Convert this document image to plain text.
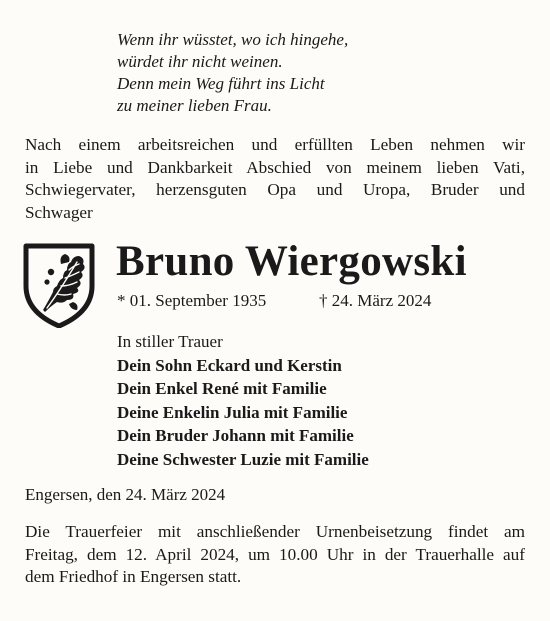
Wenn ihr wüsstet, wo ich hingehe,
würdet ihr nicht weinen.
Denn mein Weg führt ins Licht
zu meiner lieben Frau.
Nach einem arbeitsreichen und erfüllten Leben nehmen wir
in Liebe und Dankbarkeit Abschied von meinem lieben Vati,
Schwiegervater, herzensguten Opa und Uropa, Bruder und
Schwager
Bruno Wiergowski
* 01. September 1935	† 24. März 2024
In stiller Trauer
Dein Sohn Eckard und Kerstin
Dein Enkel René mit Familie
Deine Enkelin Julia mit Familie
Dein Bruder Johann mit Familie
Deine Schwester Luzie mit Familie
Engersen, den 24. März 2024
Die Trauerfeier mit anschließender Urnenbeisetzung findet am
Freitag, dem 12. April 2024, um 10.00 Uhr in der Trauerhalle auf
dem Friedhof in Engersen statt.
